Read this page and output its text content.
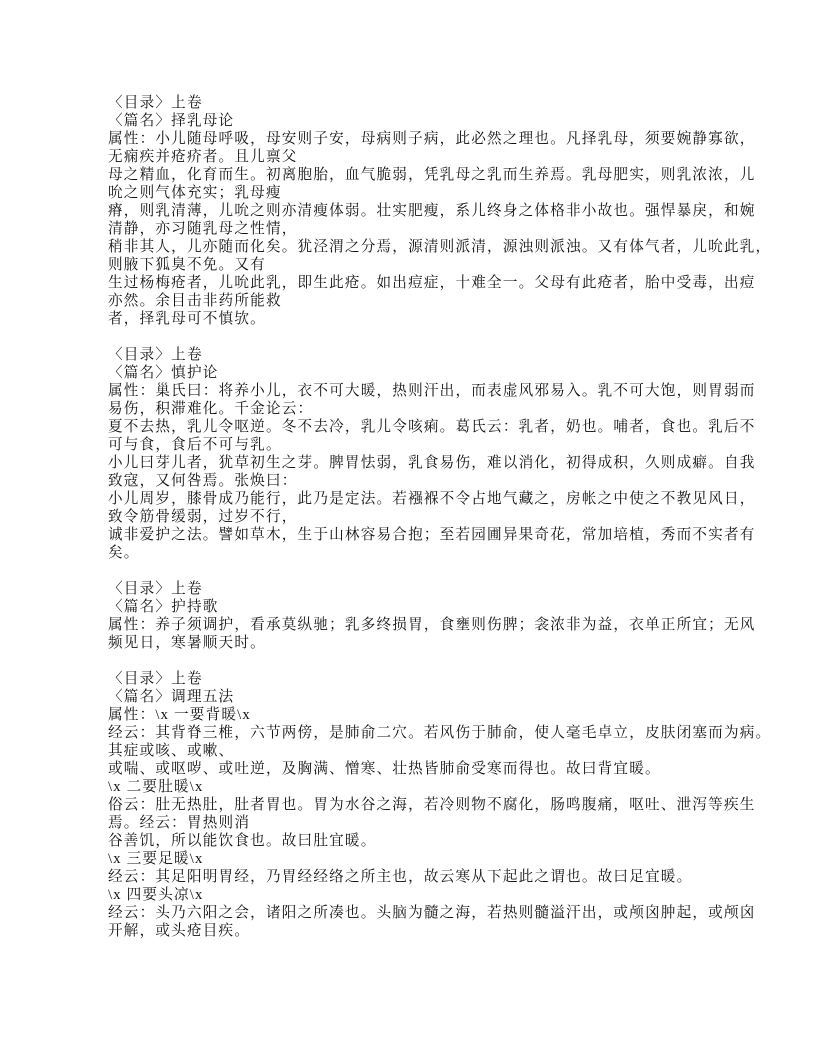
〈目录〉上卷
〈篇名〉择乳母论
属性：小儿随母呼吸，母安则子安，母病则子病，此必然之理也。凡择乳母，须要婉静寡欲，
无痫疾并疮疥者。且儿禀父
母之精血，化育而生。初离胞胎，血气脆弱，凭乳母之乳而生养焉。乳母肥实，则乳浓浓，儿
吮之则气体充实；乳母瘦
瘠，则乳清薄，儿吮之则亦清瘦体弱。壮实肥瘦，系儿终身之体格非小故也。强悍暴戾，和婉
清静，亦习随乳母之性情，
稍非其人，儿亦随而化矣。犹泾渭之分焉，源清则派清，源浊则派浊。又有体气者，儿吮此乳，
则腋下狐臭不免。又有
生过杨梅疮者，儿吮此乳，即生此疮。如出痘症，十难全一。父母有此疮者，胎中受毒，出痘
亦然。余目击非药所能救
者，择乳母可不慎欤。
〈目录〉上卷
〈篇名〉慎护论
属性：巢氏曰：将养小儿，衣不可大暖，热则汗出，而表虚风邪易入。乳不可大饱，则胃弱而
易伤，积滞难化。千金论云：
夏不去热，乳儿令呕逆。冬不去冷，乳儿令咳痢。葛氏云：乳者，奶也。哺者，食也。乳后不
可与食，食后不可与乳。
小儿曰芽儿者，犹草初生之芽。脾胃怯弱，乳食易伤，难以消化，初得成积，久则成癖。自我
致寇，又何咎焉。张焕曰：
小儿周岁，膝骨成乃能行，此乃是定法。若襁褓不令占地气藏之，房帐之中使之不教见风日，
致令筋骨缓弱，过岁不行，
诚非爱护之法。譬如草木，生于山林容易合抱；至若园圃异果奇花，常加培植，秀而不实者有
矣。
〈目录〉上卷
〈篇名〉护持歌
属性：养子须调护，看承莫纵驰；乳多终损胃，食壅则伤脾；衾浓非为益，衣单正所宜；无风
频见日，寒暑顺天时。
〈目录〉上卷
〈篇名〉调理五法
属性：\x 一要背暖\x
经云：其背脊三椎，六节两傍，是肺俞二穴。若风伤于肺俞，使人毫毛卓立，皮肤闭塞而为病。
其症或咳、或嗽、
或喘、或呕哕、或吐逆，及胸满、憎寒、壮热皆肺俞受寒而得也。故曰背宜暖。
\x 二要肚暖\x
俗云：肚无热肚，肚者胃也。胃为水谷之海，若冷则物不腐化，肠鸣腹痛，呕吐、泄泻等疾生
焉。经云：胃热则消
谷善饥，所以能饮食也。故曰肚宜暖。
\x 三要足暖\x
经云：其足阳明胃经，乃胃经经络之所主也，故云寒从下起此之谓也。故曰足宜暖。
\x 四要头凉\x
经云：头乃六阳之会，诸阳之所凑也。头脑为髓之海，若热则髓溢汗出，或颅囟肿起，或颅囟
开解，或头疮目疾。
